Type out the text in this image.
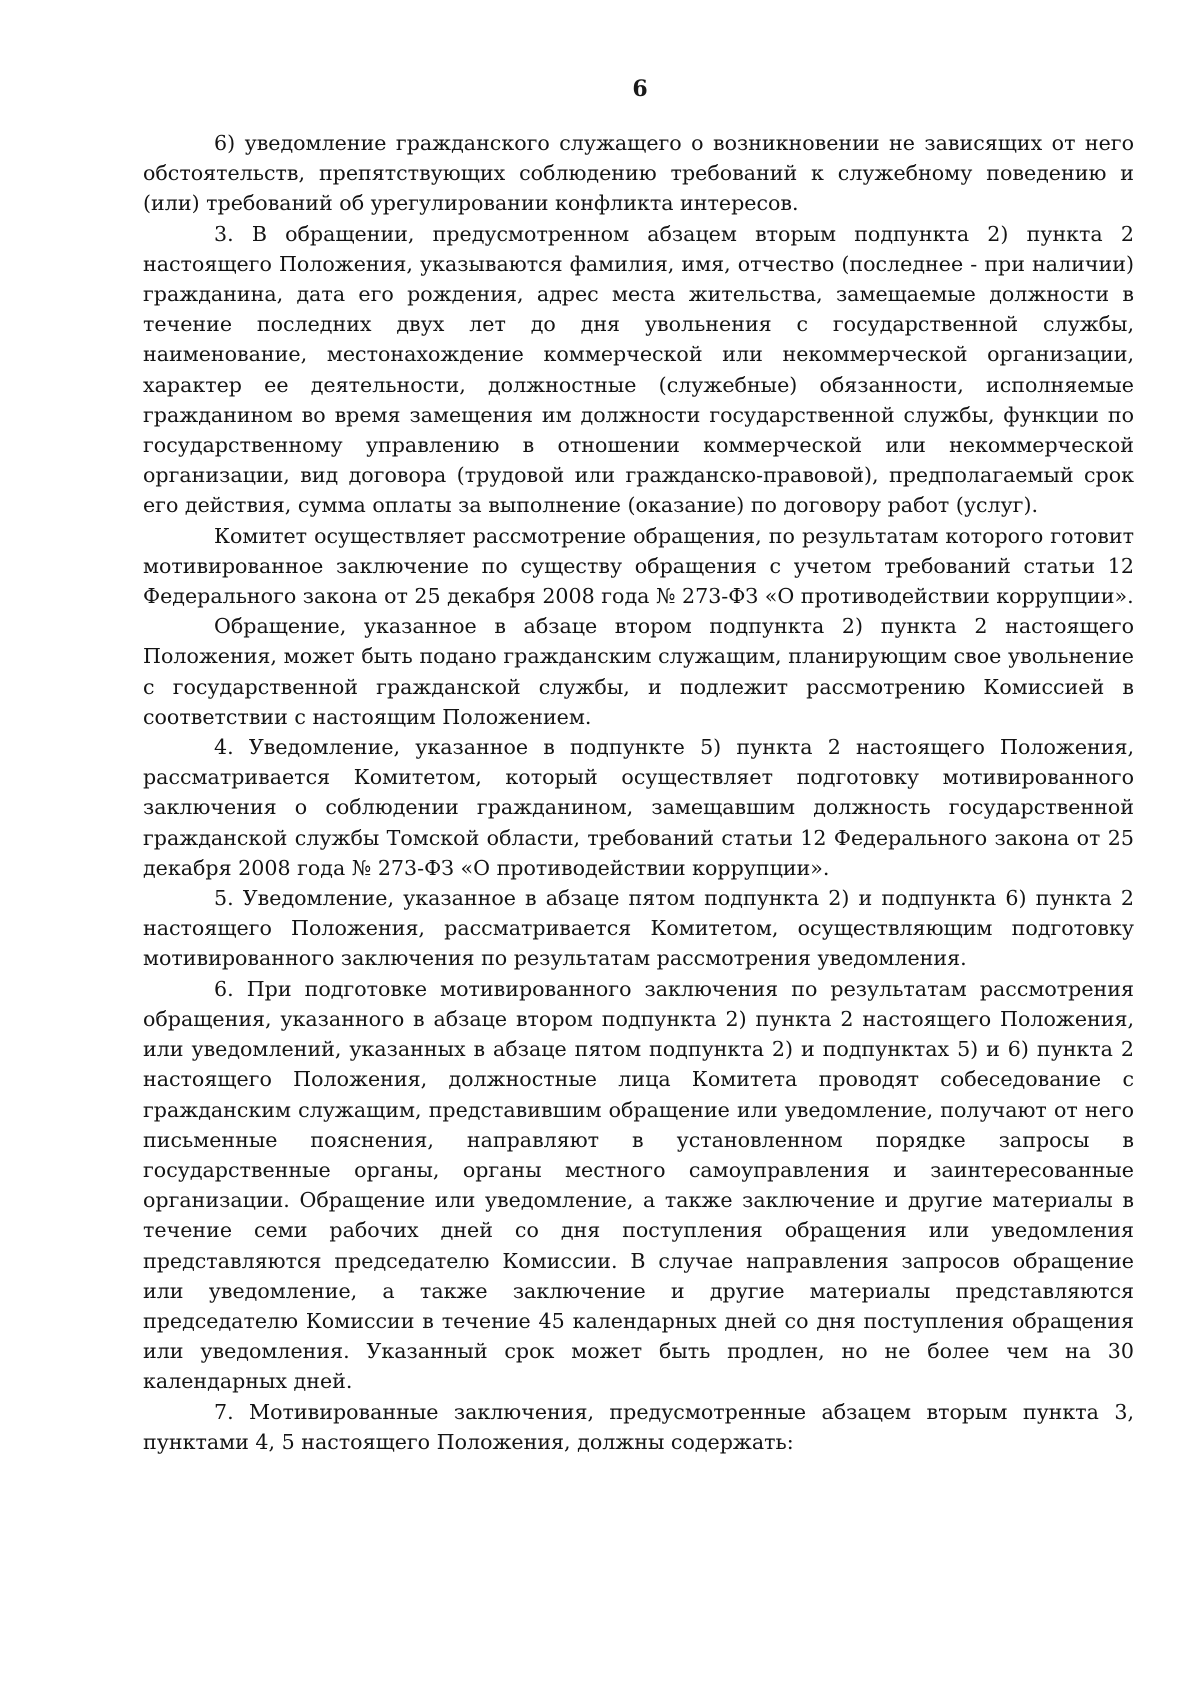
6

6) уведомление гражданского служащего о возникновении не зависящих от него обстоятельств, препятствующих соблюдению требований к служебному поведению и (или) требований об урегулировании конфликта интересов.

3. В обращении, предусмотренном абзацем вторым подпункта 2) пункта 2 настоящего Положения, указываются фамилия, имя, отчество (последнее - при наличии) гражданина, дата его рождения, адрес места жительства, замещаемые должности в течение последних двух лет до дня увольнения с государственной службы, наименование, местонахождение коммерческой или некоммерческой организации, характер ее деятельности, должностные (служебные) обязанности, исполняемые гражданином во время замещения им должности государственной службы, функции по государственному управлению в отношении коммерческой или некоммерческой организации, вид договора (трудовой или гражданско-правовой), предполагаемый срок его действия, сумма оплаты за выполнение (оказание) по договору работ (услуг).

Комитет осуществляет рассмотрение обращения, по результатам которого готовит мотивированное заключение по существу обращения с учетом требований статьи 12 Федерального закона от 25 декабря 2008 года № 273-ФЗ «О противодействии коррупции».

Обращение, указанное в абзаце втором подпункта 2) пункта 2 настоящего Положения, может быть подано гражданским служащим, планирующим свое увольнение с государственной гражданской службы, и подлежит рассмотрению Комиссией в соответствии с настоящим Положением.

4. Уведомление, указанное в подпункте 5) пункта 2 настоящего Положения, рассматривается Комитетом, который осуществляет подготовку мотивированного заключения о соблюдении гражданином, замещавшим должность государственной гражданской службы Томской области, требований статьи 12 Федерального закона от 25 декабря 2008 года № 273-ФЗ «О противодействии коррупции».

5. Уведомление, указанное в абзаце пятом подпункта 2) и подпункта 6) пункта 2 настоящего Положения, рассматривается Комитетом, осуществляющим подготовку мотивированного заключения по результатам рассмотрения уведомления.

6. При подготовке мотивированного заключения по результатам рассмотрения обращения, указанного в абзаце втором подпункта 2) пункта 2 настоящего Положения, или уведомлений, указанных в абзаце пятом подпункта 2) и подпунктах 5) и 6) пункта 2 настоящего Положения, должностные лица Комитета проводят собеседование с гражданским служащим, представившим обращение или уведомление, получают от него письменные пояснения, направляют в установленном порядке запросы в государственные органы, органы местного самоуправления и заинтересованные организации. Обращение или уведомление, а также заключение и другие материалы в течение семи рабочих дней со дня поступления обращения или уведомления представляются председателю Комиссии. В случае направления запросов обращение или уведомление, а также заключение и другие материалы представляются председателю Комиссии в течение 45 календарных дней со дня поступления обращения или уведомления. Указанный срок может быть продлен, но не более чем на 30 календарных дней.

7. Мотивированные заключения, предусмотренные абзацем вторым пункта 3, пунктами 4, 5 настоящего Положения, должны содержать:
